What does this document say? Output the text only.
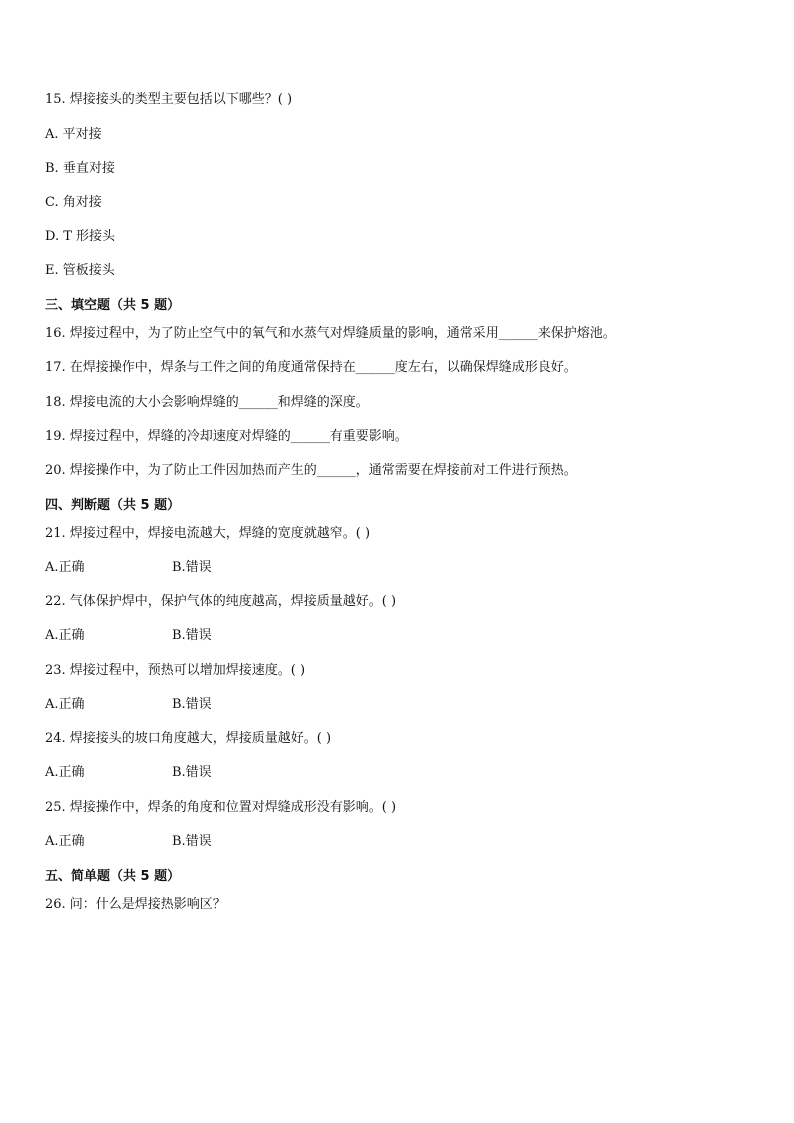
15. 焊接接头的类型主要包括以下哪些？( )
A. 平对接
B. 垂直对接
C. 角对接
D. T 形接头
E. 管板接头
三、填空题（共 5 题）
16. 焊接过程中，为了防止空气中的氧气和水蒸气对焊缝质量的影响，通常采用______来保护熔池。
17. 在焊接操作中，焊条与工件之间的角度通常保持在______度左右，以确保焊缝成形良好。
18. 焊接电流的大小会影响焊缝的______和焊缝的深度。
19. 焊接过程中，焊缝的冷却速度对焊缝的______有重要影响。
20. 焊接操作中，为了防止工件因加热而产生的______，通常需要在焊接前对工件进行预热。
四、判断题（共 5 题）
21. 焊接过程中，焊接电流越大，焊缝的宽度就越窄。( )
A.正确	B.错误
22. 气体保护焊中，保护气体的纯度越高，焊接质量越好。( )
A.正确	B.错误
23. 焊接过程中，预热可以增加焊接速度。( )
A.正确	B.错误
24. 焊接接头的坡口角度越大，焊接质量越好。( )
A.正确	B.错误
25. 焊接操作中，焊条的角度和位置对焊缝成形没有影响。( )
A.正确	B.错误
五、简单题（共 5 题）
26. 问：什么是焊接热影响区？
